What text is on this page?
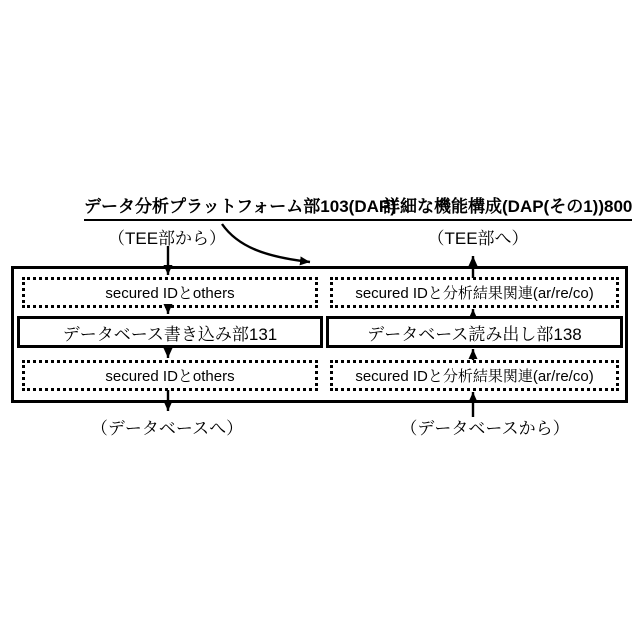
データ分析プラットフォーム部103(DAP)
詳細な機能構成(DAP(その1))800
（TEE部から）	（TEE部へ）
secured IDとothers
データベース書き込み部131
secured IDとothers
secured IDと分析結果関連(ar/re/co)
データベース読み出し部138
secured IDと分析結果関連(ar/re/co)
（データベースへ）	（データベースから）
